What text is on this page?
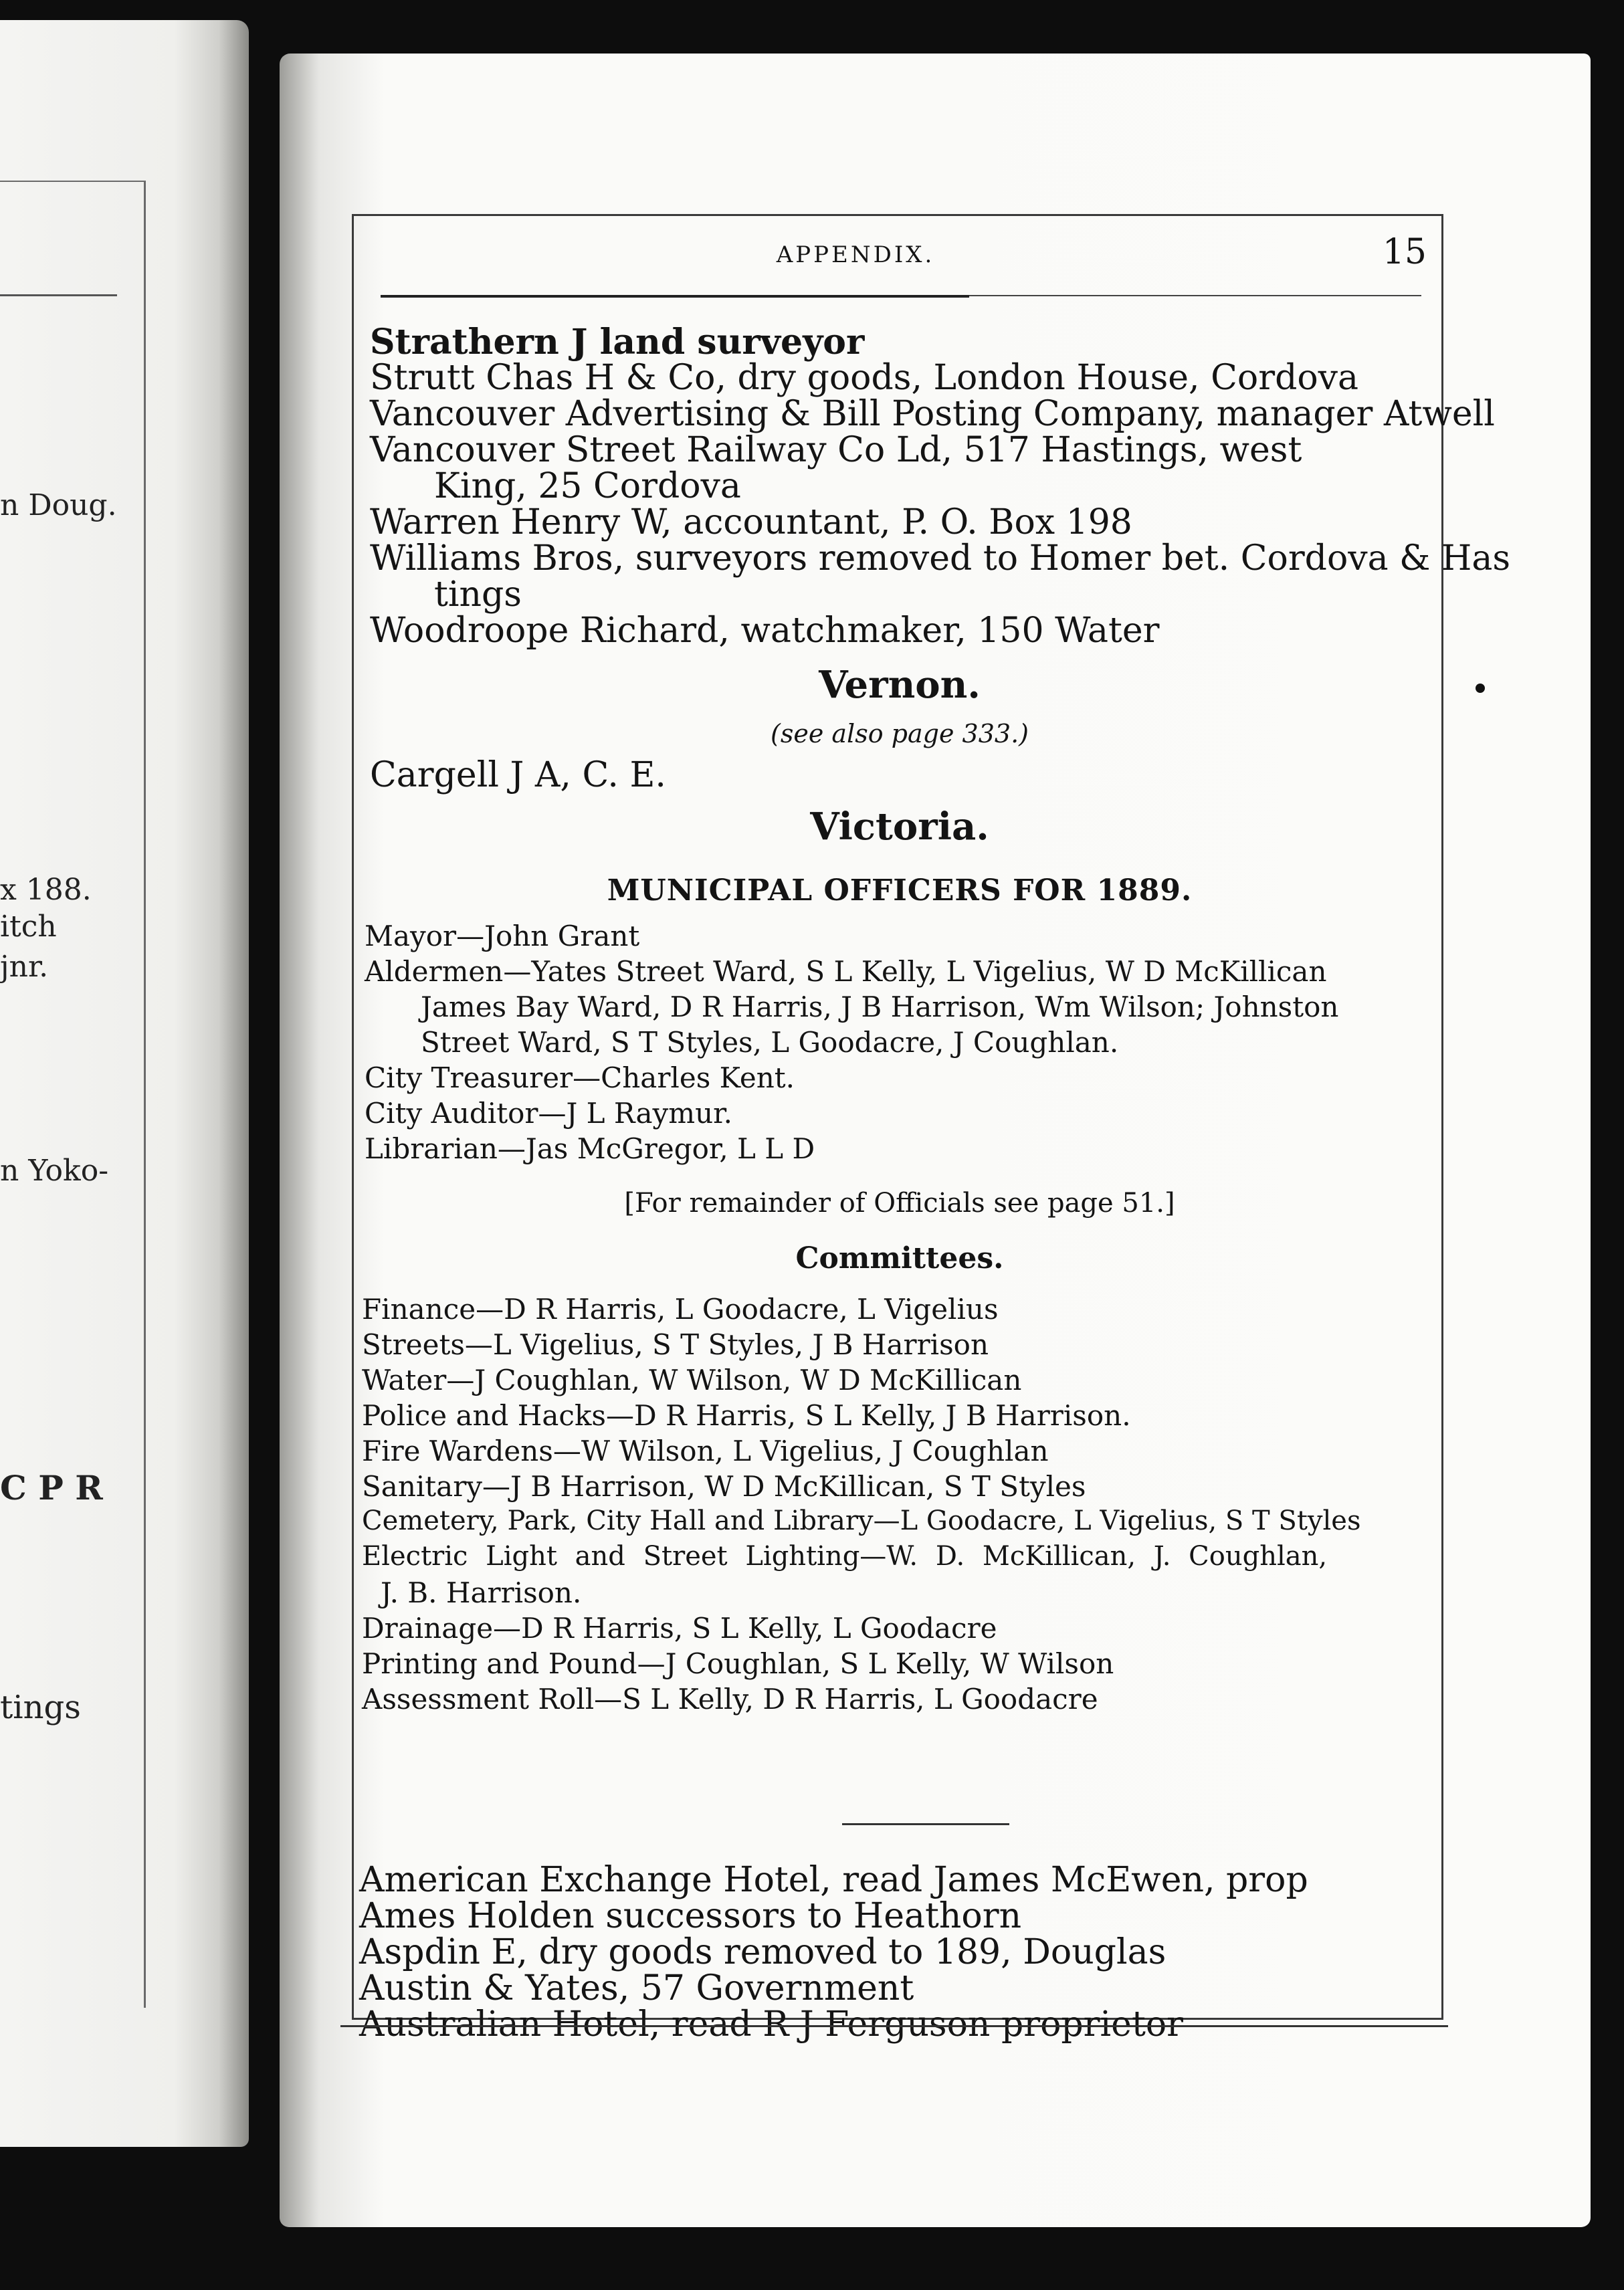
n Doug.
x 188.
itch
jnr.
n Yoko-
C P R
tings
APPENDIX.	15
Strathern J land surveyor
Strutt Chas H & Co, dry goods, London House, Cordova
Vancouver Advertising & Bill Posting Company, manager Atwell
Vancouver Street Railway Co Ld, 517 Hastings, west
King, 25 Cordova
Warren Henry W, accountant, P. O. Box 198
Williams Bros, surveyors removed to Homer bet. Cordova & Has
tings
Woodroope Richard, watchmaker, 150 Water
Vernon.
(see also page 333.)
Cargell J A, C. E.
Victoria.
MUNICIPAL OFFICERS FOR 1889.
Mayor—John Grant
Aldermen—Yates Street Ward, S L Kelly, L Vigelius, W D McKillican
James Bay Ward, D R Harris, J B Harrison, Wm Wilson; Johnston
Street Ward, S T Styles, L Goodacre, J Coughlan.
City Treasurer—Charles Kent.
City Auditor—J L Raymur.
Librarian—Jas McGregor, L L D
[For remainder of Officials see page 51.]
Committees.
Finance—D R Harris, L Goodacre, L Vigelius
Streets—L Vigelius, S T Styles, J B Harrison
Water—J Coughlan, W Wilson, W D McKillican
Police and Hacks—D R Harris, S L Kelly, J B Harrison.
Fire Wardens—W Wilson, L Vigelius, J Coughlan
Sanitary—J B Harrison, W D McKillican, S T Styles
Cemetery, Park, City Hall and Library—L Goodacre, L Vigelius, S T Styles
Electric Light and Street Lighting—W. D. McKillican, J. Coughlan,
J. B. Harrison.
Drainage—D R Harris, S L Kelly, L Goodacre
Printing and Pound—J Coughlan, S L Kelly, W Wilson
Assessment Roll—S L Kelly, D R Harris, L Goodacre
American Exchange Hotel, read James McEwen, prop
Ames Holden successors to Heathorn
Aspdin E, dry goods removed to 189, Douglas
Austin & Yates, 57 Government
Australian Hotel, read R J Ferguson proprietor
